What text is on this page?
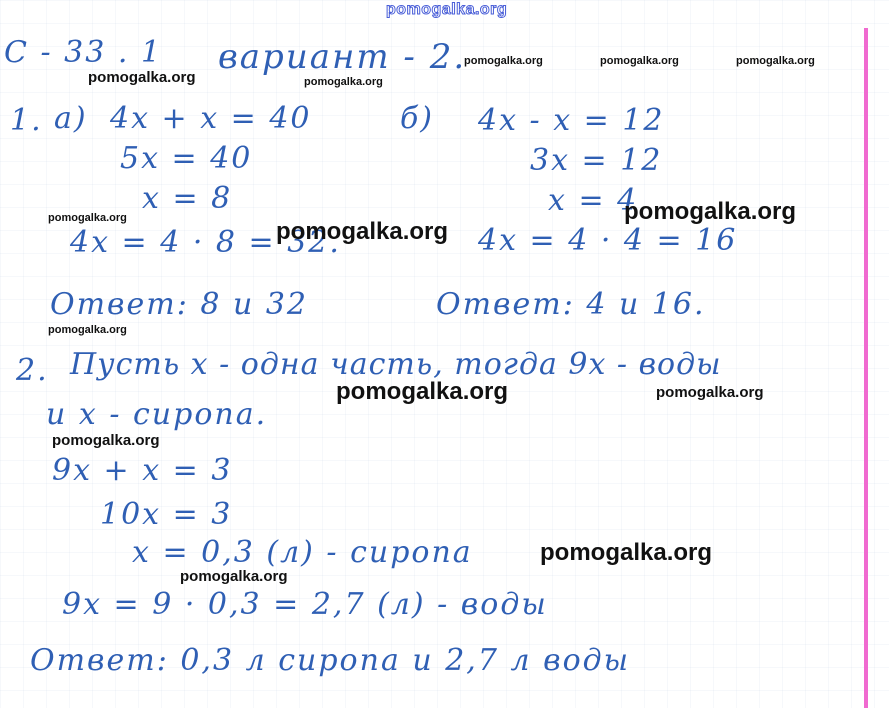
pomogalka.org
С - 33 . 1 вариант - 2.
1. а) 4x + x = 40
5x = 40
x = 8
4x = 4 · 8 = 32.
б) 4x - x = 12
3x = 12
x = 4
4x = 4 · 4 = 16
Ответ: 8 и 32	Ответ: 4 и 16.
2. Пусть x - одна часть, тогда 9x - воды
и x - сиропа.
9x + x = 3
10x = 3
x = 0,3 (л) - сиропа
9x = 9 · 0,3 = 2,7 (л) - воды
Ответ: 0,3 л сиропа и 2,7 л воды
pomogalka.org	pomogalka.org
pomogalka.org	pomogalka.org	pomogalka.org
pomogalka.org	pomogalka.org
pomogalka.org
pomogalka.org
pomogalka.org	pomogalka.org
pomogalka.org
pomogalka.org
pomogalka.org
